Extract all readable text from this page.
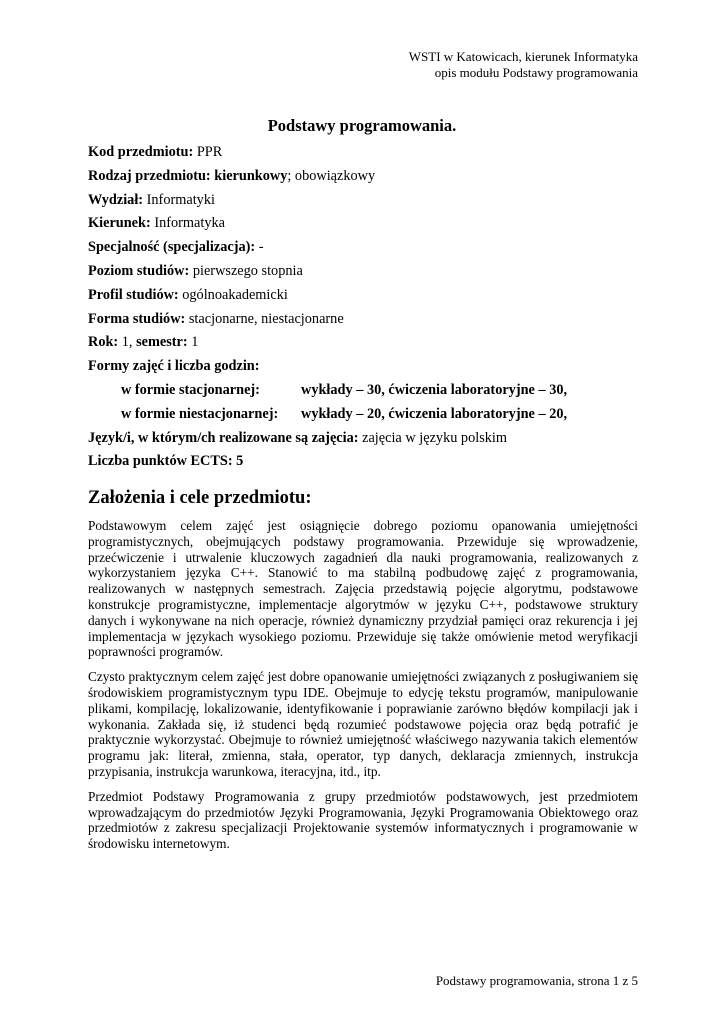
WSTI w Katowicach, kierunek Informatyka
opis modułu Podstawy programowania
Podstawy programowania.
Kod przedmiotu: PPR
Rodzaj przedmiotu: kierunkowy; obowiązkowy
Wydział: Informatyki
Kierunek: Informatyka
Specjalność (specjalizacja): -
Poziom studiów: pierwszego stopnia
Profil studiów: ogólnoakademicki
Forma studiów: stacjonarne, niestacjonarne
Rok: 1, semestr: 1
Formy zajęć i liczba godzin:
w formie stacjonarnej:	wykłady – 30, ćwiczenia laboratoryjne – 30,
w formie niestacjonarnej: wykłady – 20, ćwiczenia laboratoryjne – 20,
Język/i, w którym/ch realizowane są zajęcia: zajęcia w języku polskim
Liczba punktów ECTS: 5
Założenia i cele przedmiotu:

Podstawowym celem zajęć jest osiągnięcie dobrego poziomu opanowania umiejętności programistycznych, obejmujących podstawy programowania. Przewiduje się wprowadzenie, przećwiczenie i utrwalenie kluczowych zagadnień dla nauki programowania, realizowanych z wykorzystaniem języka C++. Stanowić to ma stabilną podbudowę zajęć z programowania, realizowanych w następnych semestrach. Zajęcia przedstawią pojęcie algorytmu, podstawowe konstrukcje programistyczne, implementacje algorytmów w języku C++, podstawowe struktury danych i wykonywane na nich operacje, również dynamiczny przydział pamięci oraz rekurencja i jej implementacja w językach wysokiego poziomu. Przewiduje się także omówienie metod weryfikacji poprawności programów.

Czysto praktycznym celem zajęć jest dobre opanowanie umiejętności związanych z posługiwaniem się środowiskiem programistycznym typu IDE. Obejmuje to edycję tekstu programów, manipulowanie plikami, kompilację, lokalizowanie, identyfikowanie i poprawianie zarówno błędów kompilacji jak i wykonania. Zakłada się, iż studenci będą rozumieć podstawowe pojęcia oraz będą potrafić je praktycznie wykorzystać. Obejmuje to również umiejętność właściwego nazywania takich elementów programu jak: literał, zmienna, stała, operator, typ danych, deklaracja zmiennych, instrukcja przypisania, instrukcja warunkowa, iteracyjna, itd., itp.

Przedmiot Podstawy Programowania z grupy przedmiotów podstawowych, jest przedmiotem wprowadzającym do przedmiotów Języki Programowania, Języki Programowania Obiektowego oraz przedmiotów z zakresu specjalizacji Projektowanie systemów informatycznych i programowanie w środowisku internetowym.

Podstawy programowania, strona 1 z 5
